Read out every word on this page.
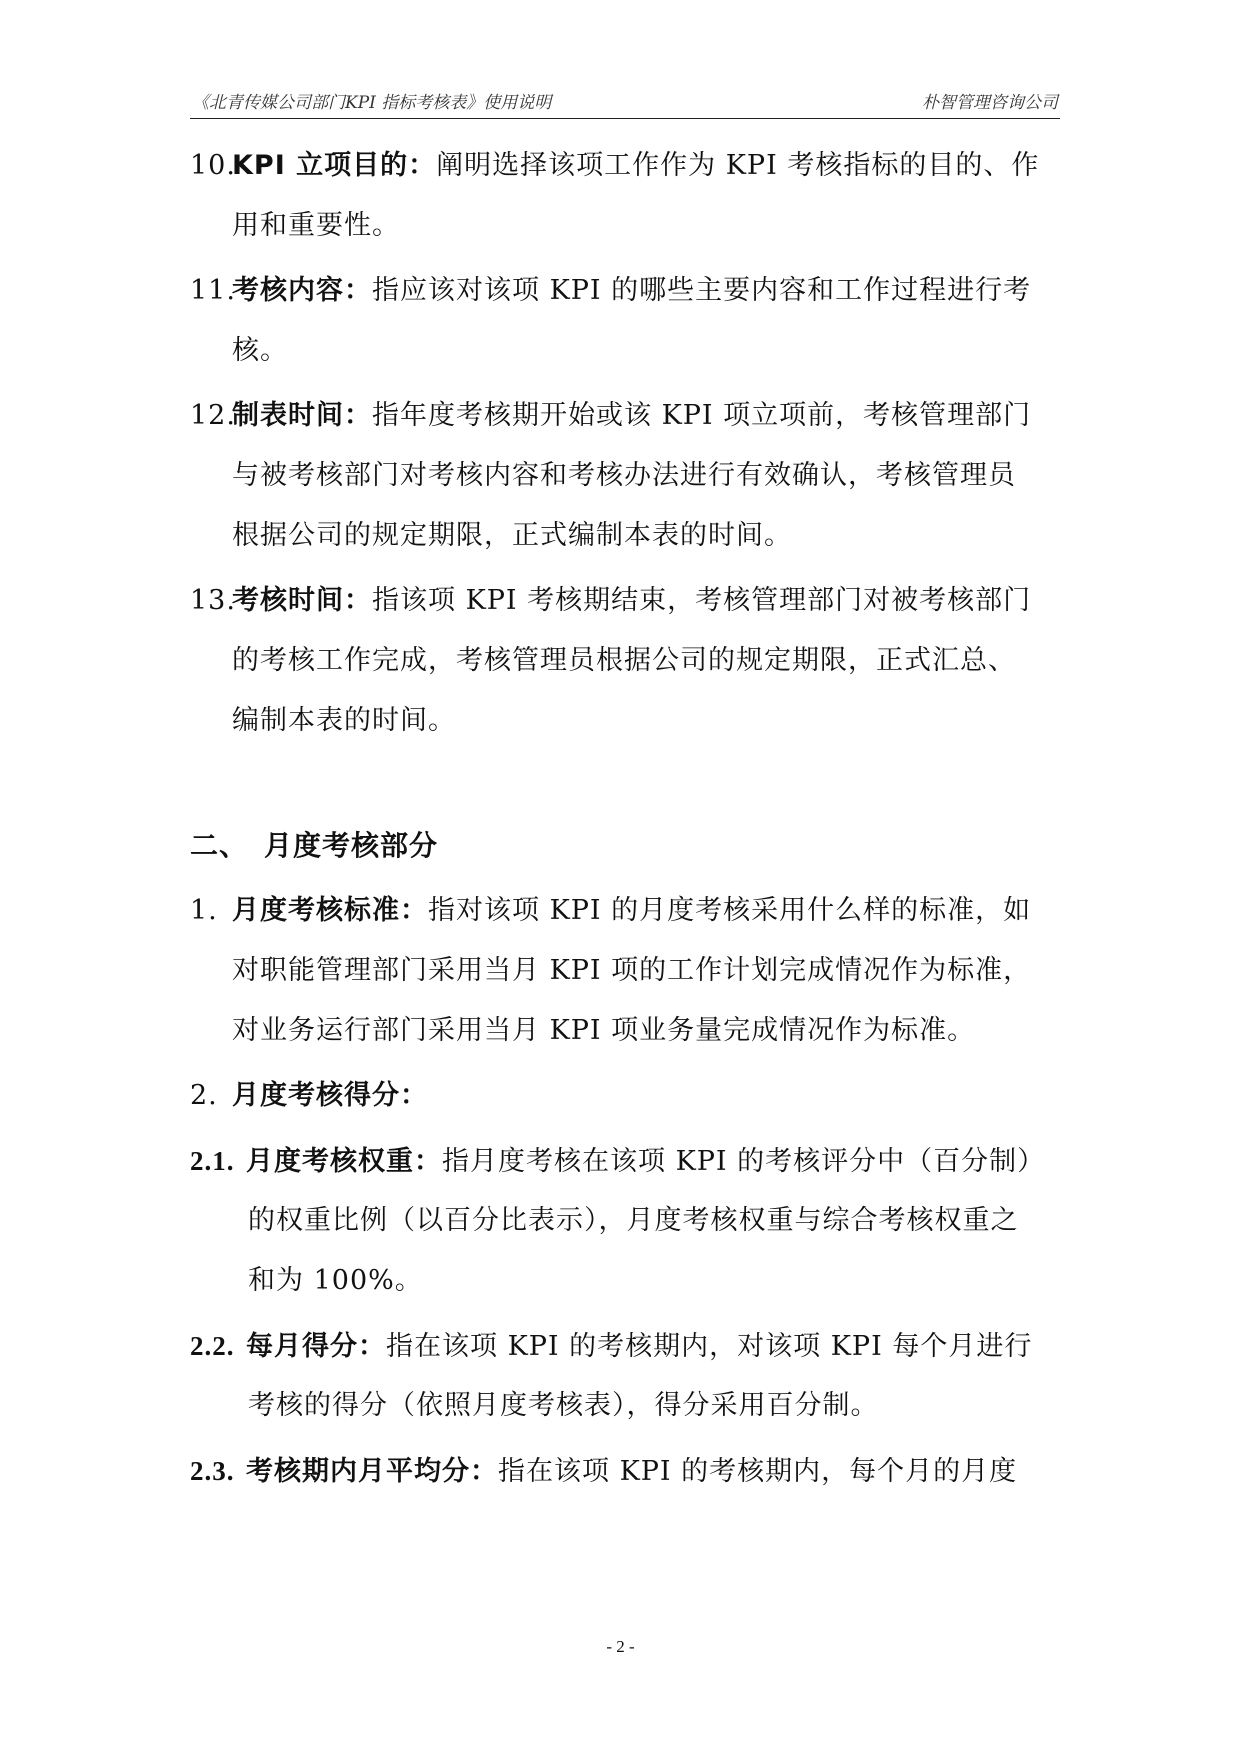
《北青传媒公司部门KPI 指标考核表》使用说明	朴智管理咨询公司
10.KPI 立项目的：阐明选择该项工作作为 KPI 考核指标的目的、作
用和重要性。
11.考核内容：指应该对该项 KPI 的哪些主要内容和工作过程进行考
核。
12.制表时间：指年度考核期开始或该 KPI 项立项前，考核管理部门
与被考核部门对考核内容和考核办法进行有效确认，考核管理员
根据公司的规定期限，正式编制本表的时间。
13.考核时间：指该项 KPI 考核期结束，考核管理部门对被考核部门
的考核工作完成，考核管理员根据公司的规定期限，正式汇总、
编制本表的时间。
二、 月度考核部分
1. 月度考核标准：指对该项 KPI 的月度考核采用什么样的标准，如
对职能管理部门采用当月 KPI 项的工作计划完成情况作为标准，
对业务运行部门采用当月 KPI 项业务量完成情况作为标准。
2. 月度考核得分：
2.1. 月度考核权重：指月度考核在该项 KPI 的考核评分中（百分制）
的权重比例（以百分比表示），月度考核权重与综合考核权重之
和为 100%。
2.2. 每月得分：指在该项 KPI 的考核期内，对该项 KPI 每个月进行
考核的得分（依照月度考核表），得分采用百分制。
2.3. 考核期内月平均分：指在该项 KPI 的考核期内，每个月的月度
- 2 -
